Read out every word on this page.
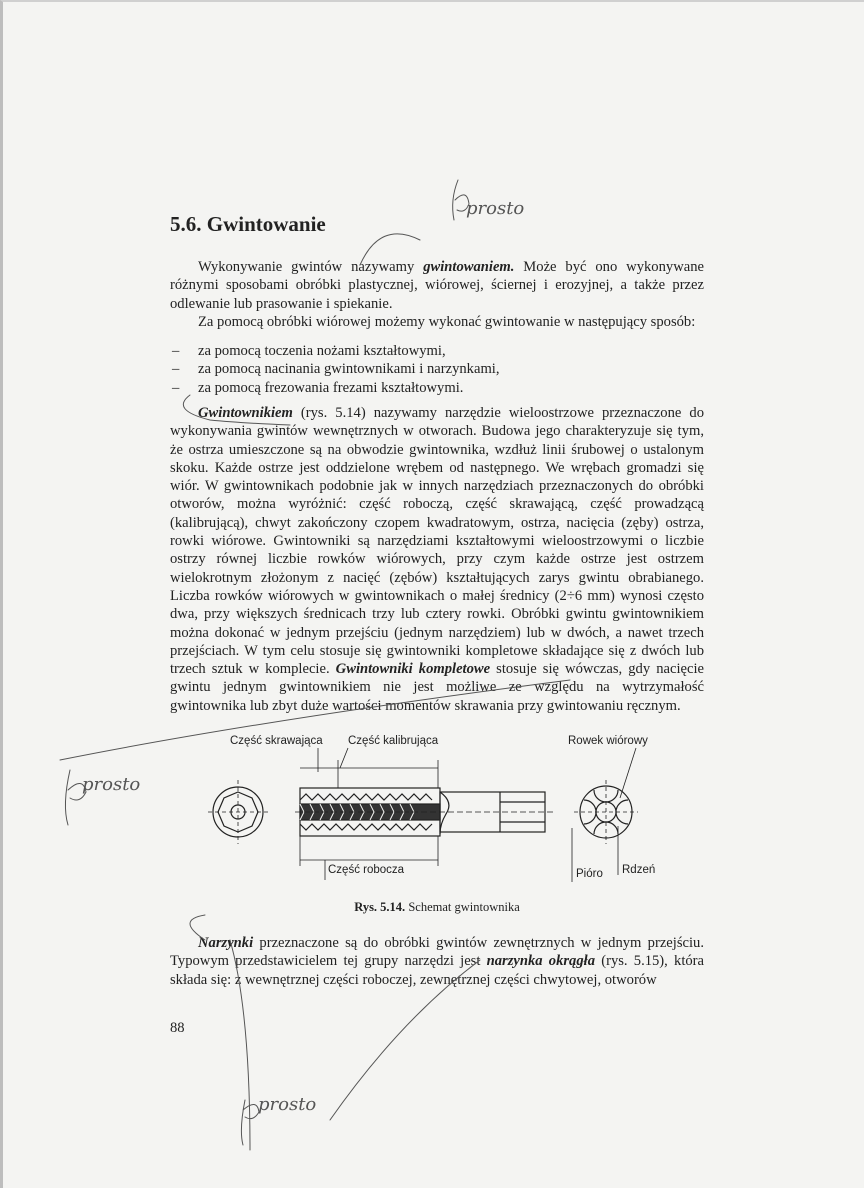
5.6. Gwintowanie

Wykonywanie gwintów nazywamy gwintowaniem. Może być ono wykonywane różnymi sposobami obróbki plastycznej, wiórowej, ściernej i erozyjnej, a także przez odlewanie lub prasowanie i spiekanie.

Za pomocą obróbki wiórowej możemy wykonać gwintowanie w następujący sposób:

– za pomocą toczenia nożami kształtowymi,
– za pomocą nacinania gwintownikami i narzynkami,
– za pomocą frezowania frezami kształtowymi.

Gwintownikiem (rys. 5.14) nazywamy narzędzie wieloostrzowe przeznaczone do wykonywania gwintów wewnętrznych w otworach. Budowa jego charakteryzuje się tym, że ostrza umieszczone są na obwodzie gwintownika, wzdłuż linii śrubowej o ustalonym skoku. Każde ostrze jest oddzielone wrębem od następnego. We wrębach gromadzi się wiór. W gwintownikach podobnie jak w innych narzędziach przeznaczonych do obróbki otworów, można wyróżnić: część roboczą, część skrawającą, część prowadzącą (kalibrującą), chwyt zakończony czopem kwadratowym, ostrza, nacięcia (zęby) ostrza, rowki wiórowe. Gwintowniki są narzędziami kształtowymi wieloostrzowymi o liczbie ostrzy równej liczbie rowków wiórowych, przy czym każde ostrze jest ostrzem wielokrotnym złożonym z nacięć (zębów) kształtujących zarys gwintu obrabianego. Liczba rowków wiórowych w gwintownikach o małej średnicy (2÷6 mm) wynosi często dwa, przy większych średnicach trzy lub cztery rowki. Obróbki gwintu gwintownikiem można dokonać w jednym przejściu (jednym narzędziem) lub w dwóch, a nawet trzech przejściach. W tym celu stosuje się gwintowniki kompletowe składające się z dwóch lub trzech sztuk w komplecie. Gwintowniki kompletowe stosuje się wówczas, gdy nacięcie gwintu jednym gwintownikiem nie jest możliwe ze względu na wytrzymałość gwintownika lub zbyt duże wartości momentów skrawania przy gwintowaniu ręcznym.

Część skrawająca Część kalibrująca	Rowek wiórowy
Część robocza	Pióro Rdzeń
Rys. 5.14. Schemat gwintownika

Narzynki przeznaczone są do obróbki gwintów zewnętrznych w jednym przejściu. Typowym przedstawicielem tej grupy narzędzi jest narzynka okrągła (rys. 5.15), która składa się: z wewnętrznej części roboczej, zewnętrznej części chwytowej, otworów

88
prosto
prosto
prosto
